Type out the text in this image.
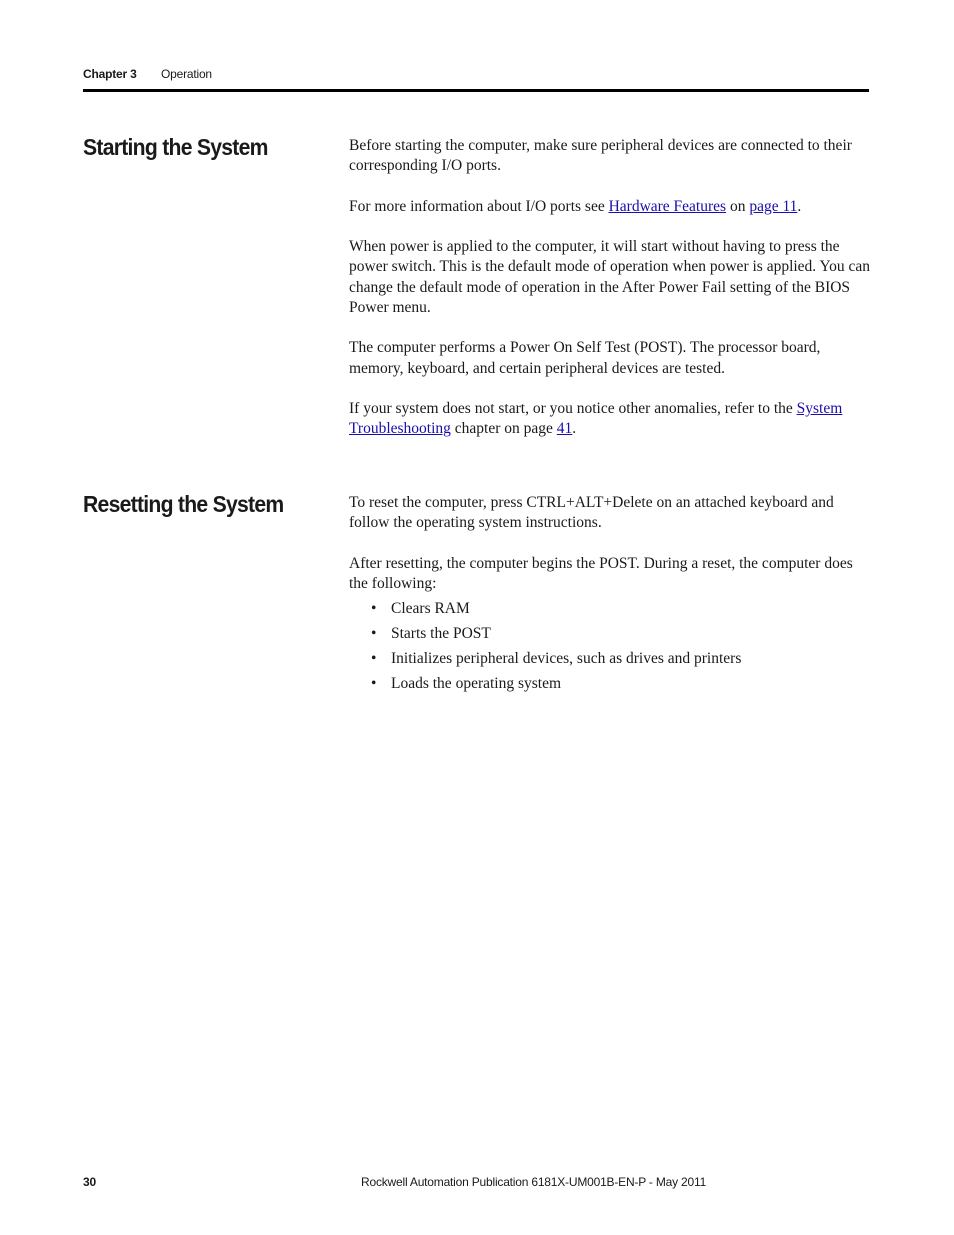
Chapter 3 Operation
Starting the System	Before starting the computer, make sure peripheral devices are connected to their corresponding I/O ports.

For more information about I/O ports see Hardware Features on page 11.

When power is applied to the computer, it will start without having to press the power switch. This is the default mode of operation when power is applied. You can change the default mode of operation in the After Power Fail setting of the BIOS Power menu.

The computer performs a Power On Self Test (POST). The processor board, memory, keyboard, and certain peripheral devices are tested.

If your system does not start, or you notice other anomalies, refer to the System Troubleshooting chapter on page 41.

Resetting the System	To reset the computer, press CTRL+ALT+Delete on an attached keyboard and follow the operating system instructions.

After resetting, the computer begins the POST. During a reset, the computer does the following:

• Clears RAM
• Starts the POST
• Initializes peripheral devices, such as drives and printers
• Loads the operating system
30	Rockwell Automation Publication 6181X-UM001B-EN-P - May 2011
